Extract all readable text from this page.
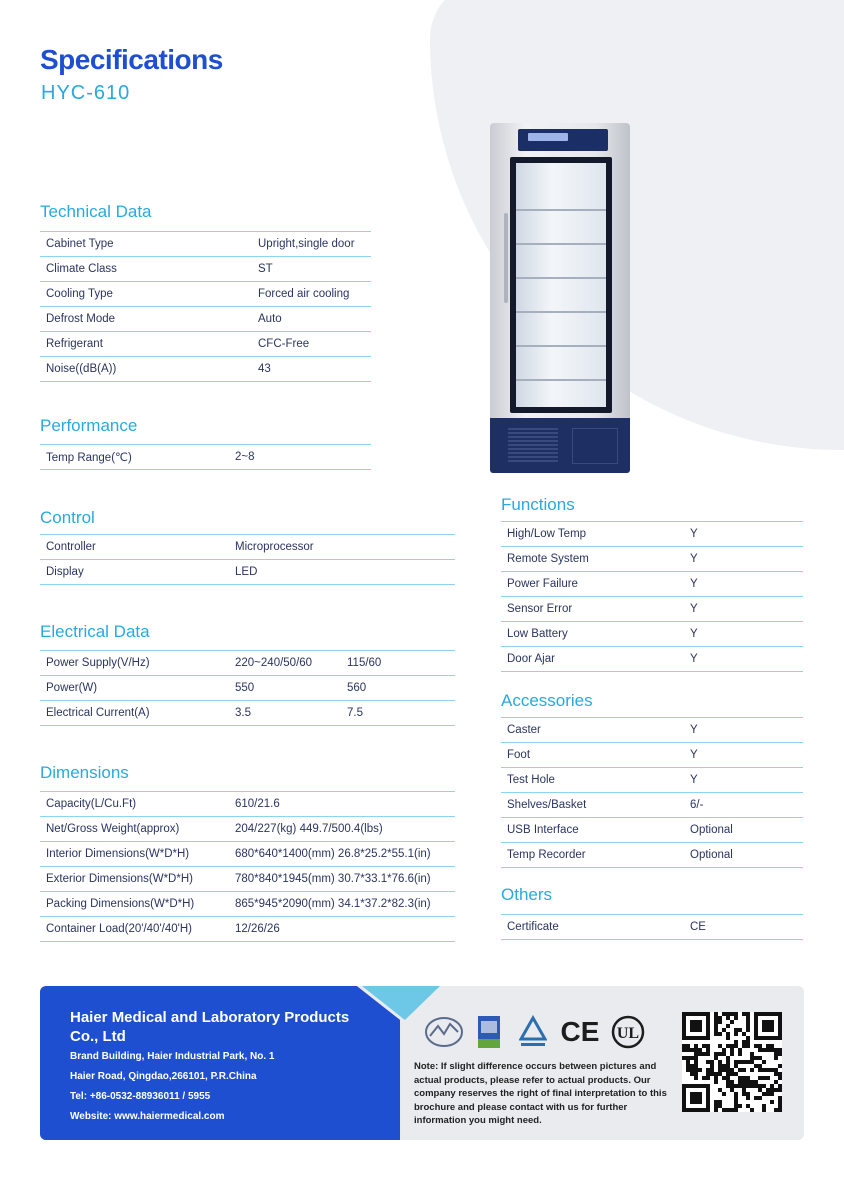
Specifications
HYC-610
Technical Data
Cabinet Type	Upright,single door
Climate Class	ST
Cooling Type	Forced air cooling
Defrost Mode	Auto
Refrigerant	CFC-Free
Noise((dB(A))	43
Performance
Temp Range(℃)	2~8
Control
Controller	Microprocessor
Display	LED
Electrical Data
Power Supply(V/Hz)	220~240/50/60	115/60
Power(W)	550	560
Electrical Current(A)	3.5	7.5
Dimensions
Capacity(L/Cu.Ft)	610/21.6
Net/Gross Weight(approx)	204/227(kg) 449.7/500.4(lbs)
Interior Dimensions(W*D*H)	680*640*1400(mm) 26.8*25.2*55.1(in)
Exterior Dimensions(W*D*H)	780*840*1945(mm) 30.7*33.1*76.6(in)
Packing Dimensions(W*D*H)	865*945*2090(mm) 34.1*37.2*82.3(in)
Container Load(20'/40'/40'H)	12/26/26
Functions
High/Low Temp	Y
Remote System	Y
Power Failure	Y
Sensor Error	Y
Low Battery	Y
Door Ajar	Y
Accessories
Caster	Y
Foot	Y
Test Hole	Y
Shelves/Basket	6/-
USB Interface	Optional
Temp Recorder	Optional
Others
Certificate	CE
Haier Medical and Laboratory Products Co., Ltd
Brand Building, Haier Industrial Park, No. 1
Haier Road, Qingdao,266101, P.R.China
Tel: +86-0532-88936011 / 5955
Website: www.haiermedical.com
CE UL
Note: If slight difference occurs between pictures and actual products, please refer to actual products. Our company reserves the right of final interpretation to this brochure and please contact with us for further information you might need.
